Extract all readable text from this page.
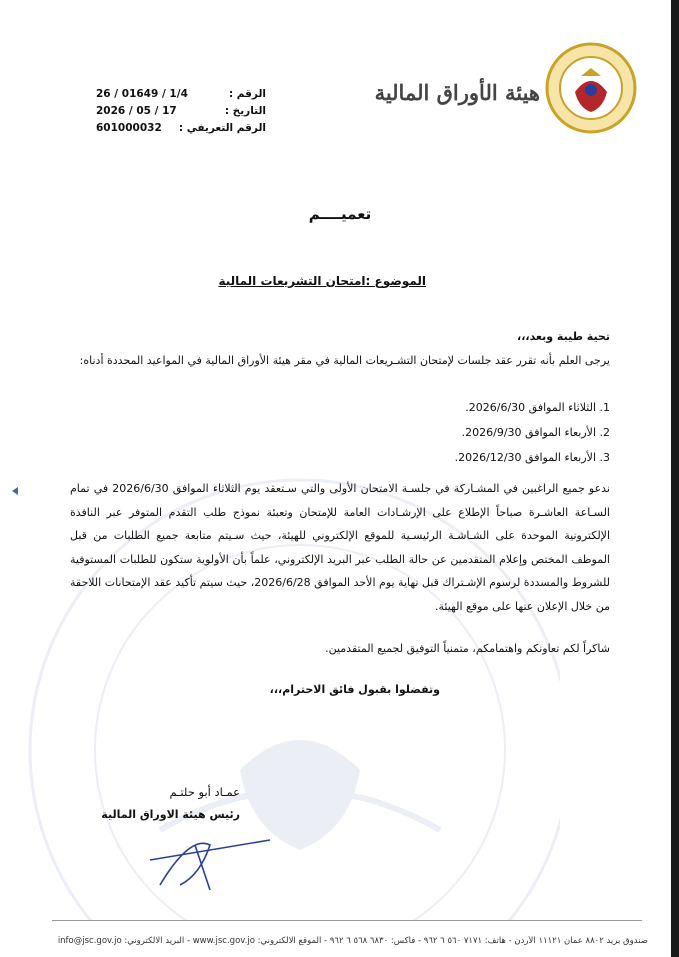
هيئة الأوراق المالية
الرقم :
26 / 01649 / 1/4
التاريخ :
2026 / 05 / 17
الرقم التعريفي :
601000032
تعميــــم
الموضوع :امتحان التشريعات المالية
تحية طيبة وبعد،،،
يرجى العلم بأنه تقرر عقد جلسات لإمتحان التشـريعات المالية في مقر هيئة الأوراق المالية في المواعيد المحددة أدناه:
1. الثلاثاء الموافق 2026/6/30.
2. الأربعاء الموافق 2026/9/30.
3. الأربعاء الموافق 2026/12/30.
ندعو جميع الراغبين في المشـاركة في جلسـة الامتحان الأولى والتي سـتعقد يوم الثلاثاء الموافق 2026/6/30 في تمام السـاعة العاشـرة صباحاً الإطلاع على الإرشـادات العامة للإمتحان وتعبئة نموذج طلب التقدم المتوفر عبر النافذة الإلكترونية الموحدة على الشـاشـة الرئيسـية للموقع الإلكتروني للهيئة، حيث سـيتم متابعة جميع الطلبات من قبل الموظف المختص وإعلام المتقدمين عن حالة الطلب عبر البريد الإلكتروني، علماً بأن الأولوية ستكون للطلبات المستوفية للشروط والمسددة لرسوم الإشـتراك قبل نهاية يوم الأحد الموافق 2026/6/28، حيث سيتم تأكيد عقد الإمتحانات اللاحقة من خلال الإعلان عنها على موقع الهيئة.
شاكراً لكم تعاونكم واهتمامكم، متمنياً التوفيق لجميع المتقدمين.
وتفضلوا بقبول فائق الاحترام،،،
عمـاد أبو حلتـم
رئيس هيئة الاوراق المالية
صندوق بريد ٨٨٠٢ عمان ١١١٢١ الأردن - هاتف: ٧١٧١ ٥٦٠ ٦ ٩٦٢ - فاكس: ٦٨٣٠ ٥٦٨ ٦ ٩٦٢ - الموقع الالكتروني: www.jsc.gov.jo - البريد الالكتروني: info@jsc.gov.jo
